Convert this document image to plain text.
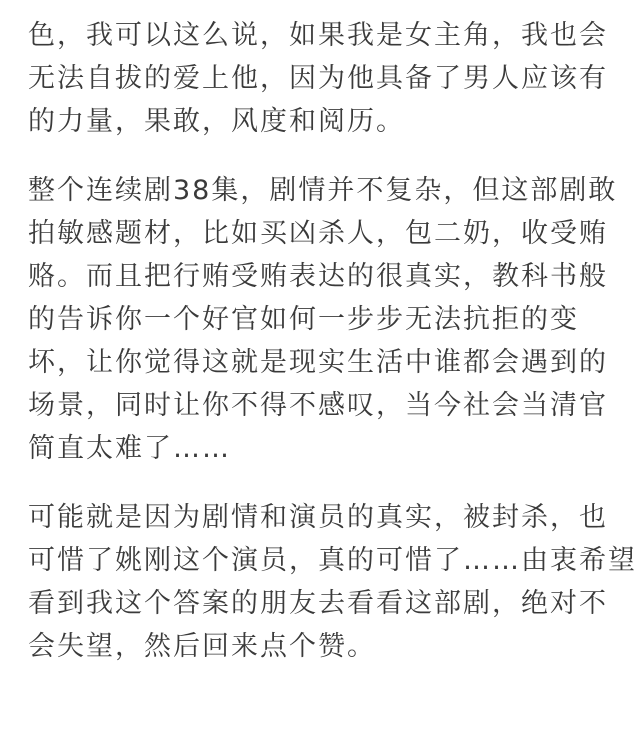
色，我可以这么说，如果我是女主角，我也会
无法自拔的爱上他，因为他具备了男人应该有
的力量，果敢，风度和阅历。

整个连续剧38集，剧情并不复杂，但这部剧敢
拍敏感题材，比如买凶杀人，包二奶，收受贿
赂。而且把行贿受贿表达的很真实，教科书般
的告诉你一个好官如何一步步无法抗拒的变
坏，让你觉得这就是现实生活中谁都会遇到的
场景，同时让你不得不感叹，当今社会当清官
简直太难了……

可能就是因为剧情和演员的真实，被封杀，也
可惜了姚刚这个演员，真的可惜了……由衷希望
看到我这个答案的朋友去看看这部剧，绝对不
会失望，然后回来点个赞。
